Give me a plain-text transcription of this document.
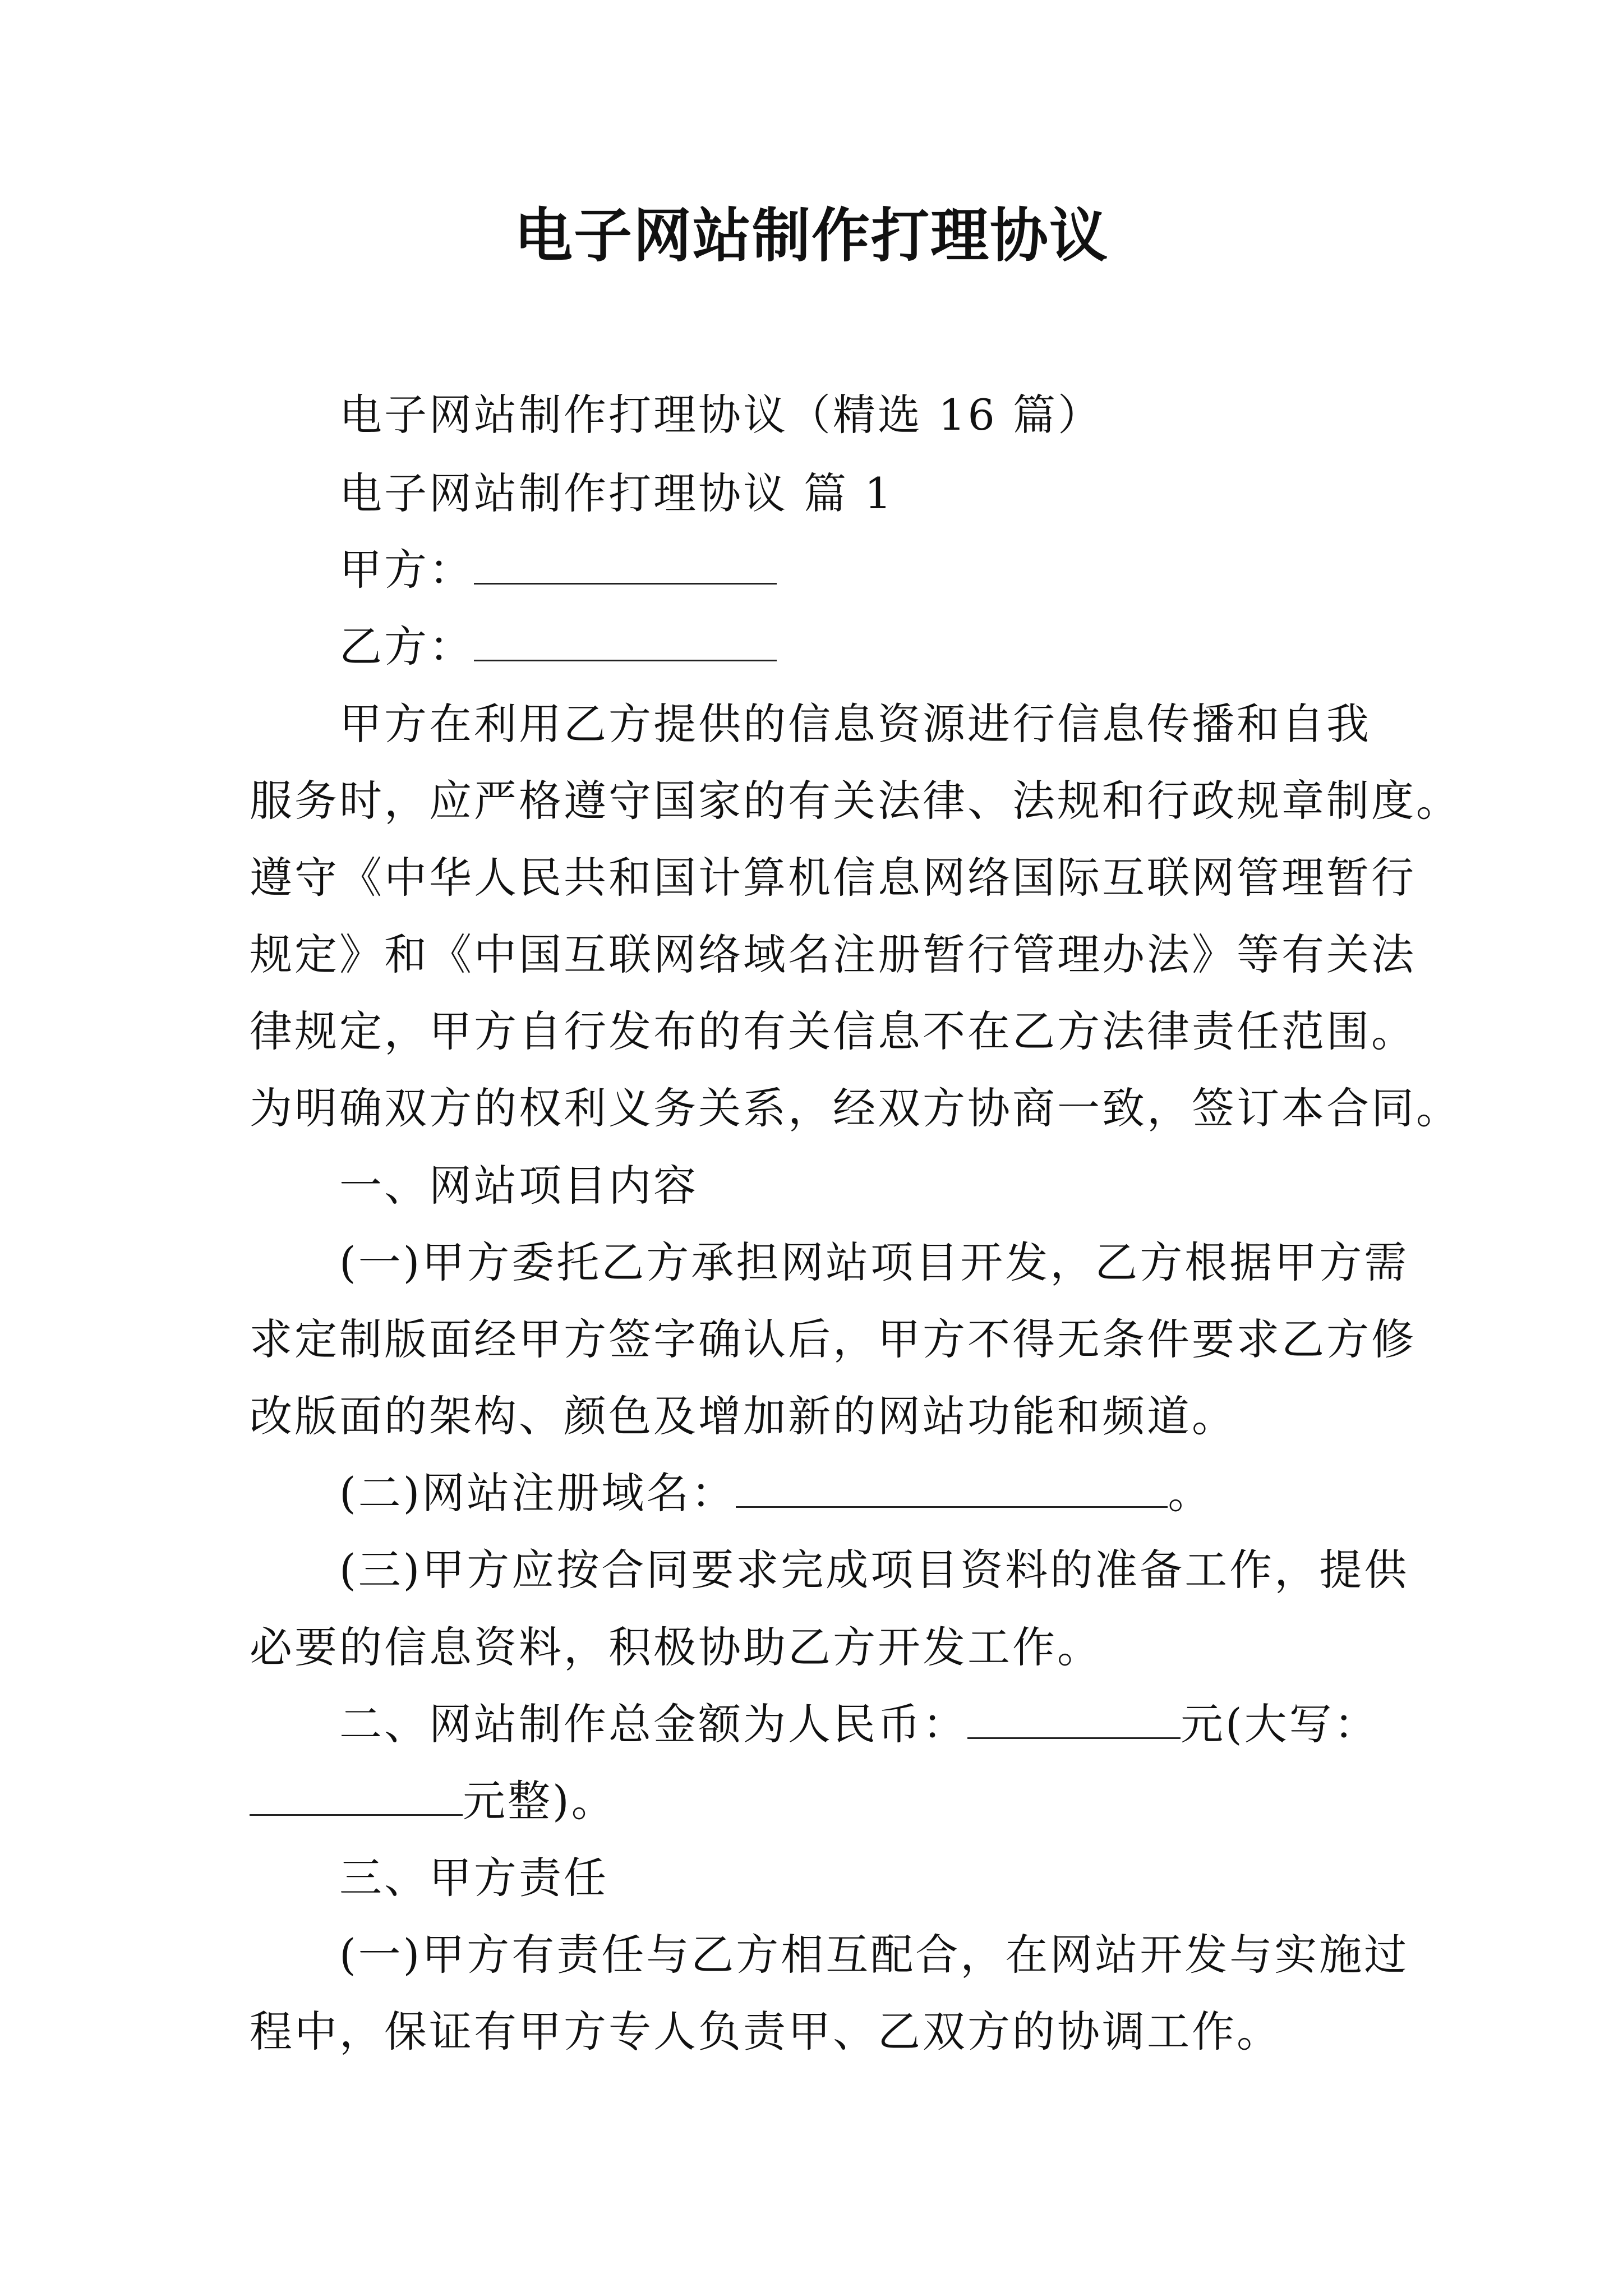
电子网站制作打理协议
电子网站制作打理协议（精选 16 篇）
电子网站制作打理协议 篇 1
甲方：
乙方：
甲方在利用乙方提供的信息资源进行信息传播和自我
服务时，应严格遵守国家的有关法律、法规和行政规章制度。
遵守《中华人民共和国计算机信息网络国际互联网管理暂行
规定》和《中国互联网络域名注册暂行管理办法》等有关法
律规定，甲方自行发布的有关信息不在乙方法律责任范围。
为明确双方的权利义务关系，经双方协商一致，签订本合同。
一、网站项目内容
(一)甲方委托乙方承担网站项目开发，乙方根据甲方需
求定制版面经甲方签字确认后，甲方不得无条件要求乙方修
改版面的架构、颜色及增加新的网站功能和频道。
(二)网站注册域名：	。
(三)甲方应按合同要求完成项目资料的准备工作，提供
必要的信息资料，积极协助乙方开发工作。
二、网站制作总金额为人民币：	元(大写：
元整)。
三、甲方责任
(一)甲方有责任与乙方相互配合，在网站开发与实施过
程中，保证有甲方专人负责甲、乙双方的协调工作。
